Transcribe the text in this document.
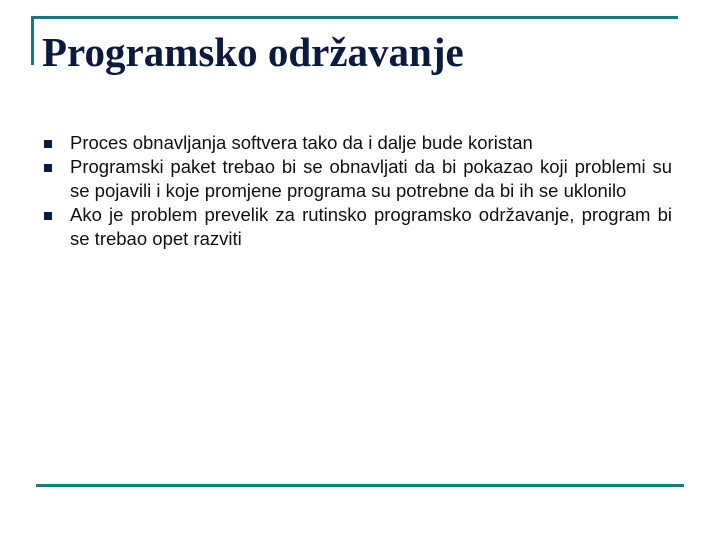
Programsko održavanje
Proces obnavljanja softvera tako da i dalje bude koristan
Programski paket trebao bi se obnavljati da bi pokazao koji problemi su se pojavili i koje promjene programa su potrebne da bi ih se uklonilo
Ako je problem prevelik za rutinsko programsko održavanje, program bi se trebao opet razviti
